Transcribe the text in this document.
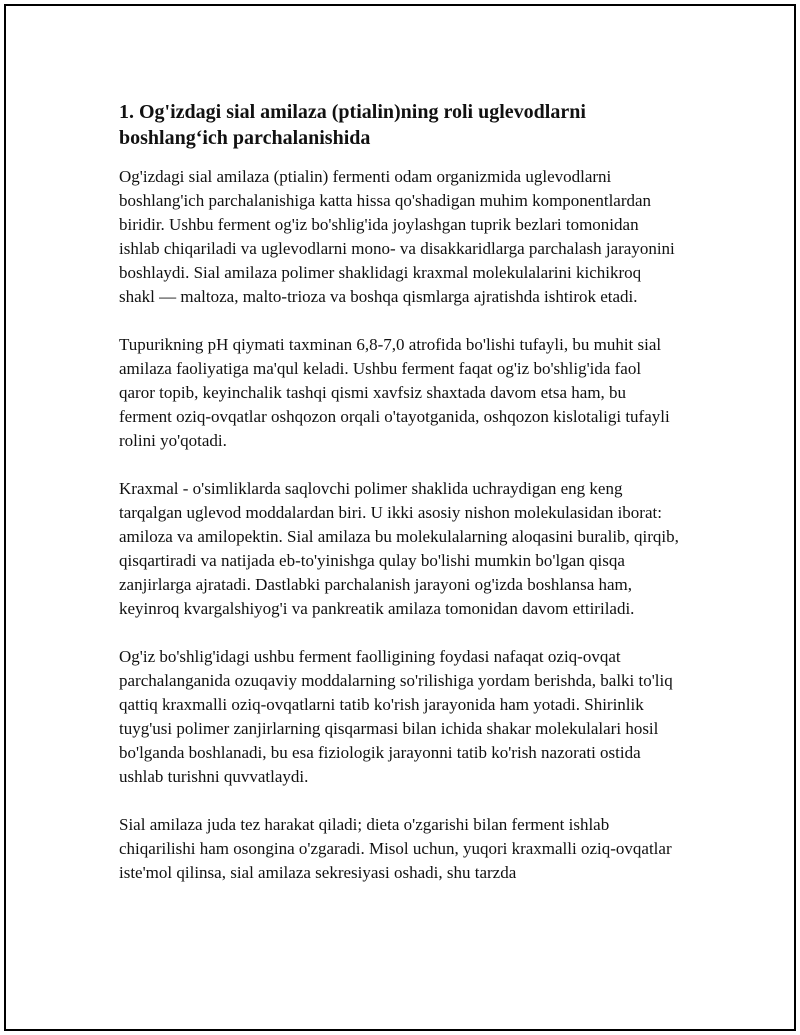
1. Og'izdagi sial amilaza (ptialin)ning roli uglevodlarni boshlang‘ich parchalanishida

Og'izdagi sial amilaza (ptialin) fermenti odam organizmida uglevodlarni boshlang'ich parchalanishiga katta hissa qo'shadigan muhim komponentlardan biridir. Ushbu ferment og'iz bo'shlig'ida joylashgan tuprik bezlari tomonidan ishlab chiqariladi va uglevodlarni mono- va disakkaridlarga parchalash jarayonini boshlaydi. Sial amilaza polimer shaklidagi kraxmal molekulalarini kichikroq shakl — maltoza, malto-trioza va boshqa qismlarga ajratishda ishtirok etadi.

Tupurikning pH qiymati taxminan 6,8-7,0 atrofida bo'lishi tufayli, bu muhit sial amilaza faoliyatiga ma'qul keladi. Ushbu ferment faqat og'iz bo'shlig'ida faol qaror topib, keyinchalik tashqi qismi xavfsiz shaxtada davom etsa ham, bu ferment oziq-ovqatlar oshqozon orqali o'tayotganida, oshqozon kislotaligi tufayli rolini yo'qotadi.

Kraxmal - o'simliklarda saqlovchi polimer shaklida uchraydigan eng keng tarqalgan uglevod moddalardan biri. U ikki asosiy nishon molekulasidan iborat: amiloza va amilopektin. Sial amilaza bu molekulalarning aloqasini buralib, qirqib, qisqartiradi va natijada eb-to'yinishga qulay bo'lishi mumkin bo'lgan qisqa zanjirlarga ajratadi. Dastlabki parchalanish jarayoni og'izda boshlansa ham, keyinroq kvargalshiyog'i va pankreatik amilaza tomonidan davom ettiriladi.

Og'iz bo'shlig'idagi ushbu ferment faolligining foydasi nafaqat oziq-ovqat parchalanganida ozuqaviy moddalarning so'rilishiga yordam berishda, balki to'liq qattiq kraxmalli oziq-ovqatlarni tatib ko'rish jarayonida ham yotadi. Shirinlik tuyg'usi polimer zanjirlarning qisqarmasi bilan ichida shakar molekulalari hosil bo'lganda boshlanadi, bu esa fiziologik jarayonni tatib ko'rish nazorati ostida ushlab turishni quvvatlaydi.

Sial amilaza juda tez harakat qiladi; dieta o'zgarishi bilan ferment ishlab chiqarilishi ham osongina o'zgaradi. Misol uchun, yuqori kraxmalli oziq-ovqatlar iste'mol qilinsa, sial amilaza sekresiyasi oshadi, shu tarzda
